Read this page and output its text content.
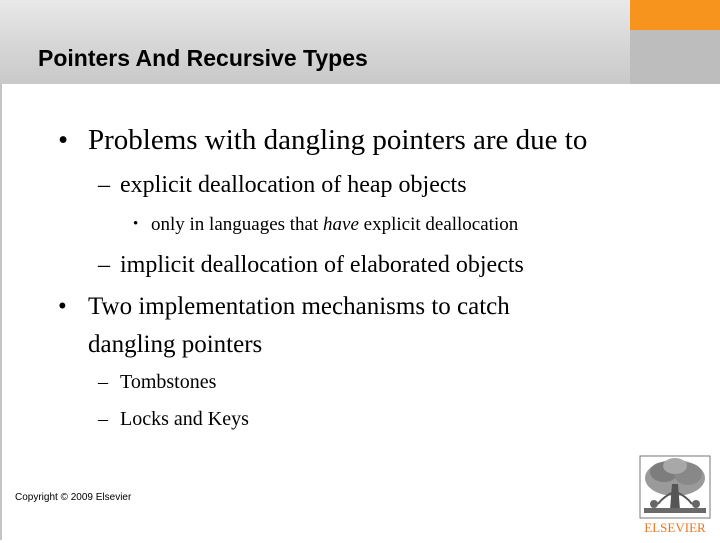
Pointers And Recursive Types
• Problems with dangling pointers are due to
– explicit deallocation of heap objects
• only in languages that have explicit deallocation
– implicit deallocation of elaborated objects
• Two implementation mechanisms to catch
dangling pointers
– Tombstones
– Locks and Keys
Copyright © 2009 Elsevier
ELSEVIER
